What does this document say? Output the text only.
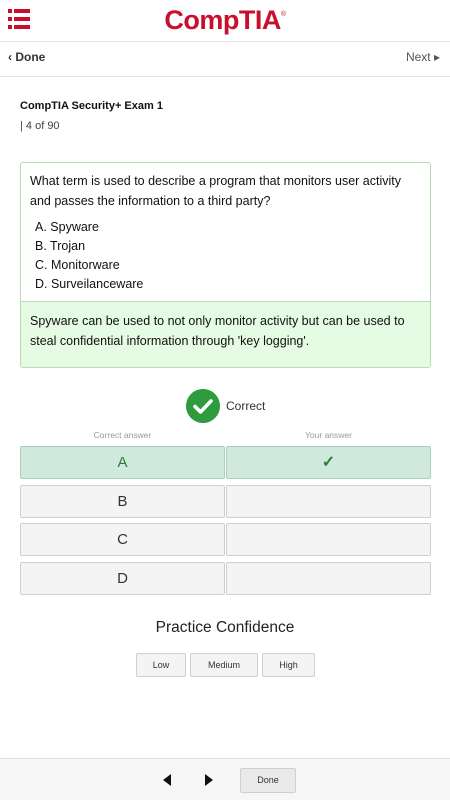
CompTIA®
‹ Done	Next ▸
CompTIA Security+ Exam 1
| 4 of 90
What term is used to describe a program that monitors user activity and passes the information to a third party?
A. Spyware
B. Trojan
C. Monitorware
D. Surveilanceware
Spyware can be used to not only monitor activity but can be used to steal confidential information through 'key logging'.
Correct
Correct answer	Your answer
A	✓
B
C
D
Practice Confidence
Low	Medium	High
Done
